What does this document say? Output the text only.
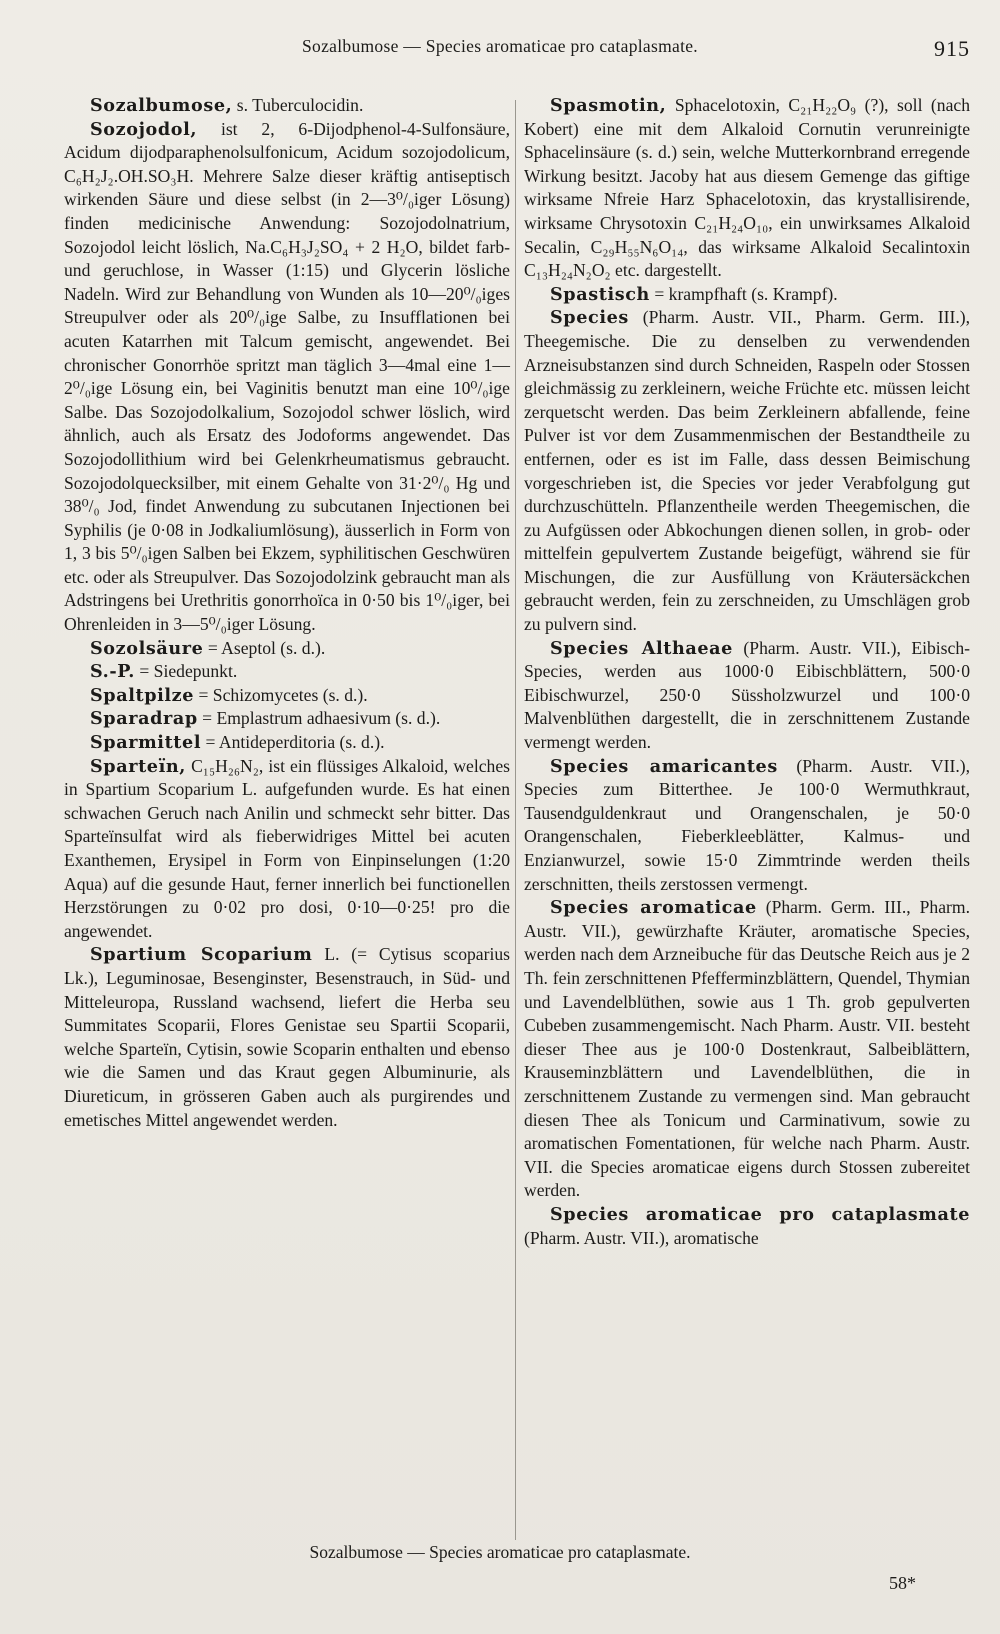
Sozalbumose — Species aromaticae pro cataplasmate.	915

Sozalbumose, s. Tuberculocidin.

Sozojodol, ist 2, 6-Dijodphenol-4-Sulfonsäure, Acidum dijodparaphenolsulfonicum, Acidum sozojodolicum, C₆H₂J₂.OH.SO₃H. Mehrere Salze dieser kräftig antiseptisch wirkenden Säure und diese selbst (in 2—3⁰/₀iger Lösung) finden medicinische Anwendung: Sozojodolnatrium, Sozojodol leicht löslich, Na.C₆H₃J₂SO₄ + 2 H₂O, bildet farb- und geruchlose, in Wasser (1:15) und Glycerin lösliche Nadeln. Wird zur Behandlung von Wunden als 10—20⁰/₀iges Streupulver oder als 20⁰/₀ige Salbe, zu Insufflationen bei acuten Katarrhen mit Talcum gemischt, angewendet. Bei chronischer Gonorrhöe spritzt man täglich 3—4mal eine 1—2⁰/₀ige Lösung ein, bei Vaginitis benutzt man eine 10⁰/₀ige Salbe. Das Sozojodolkalium, Sozojodol schwer löslich, wird ähnlich, auch als Ersatz des Jodoforms angewendet. Das Sozojodollithium wird bei Gelenkrheumatismus gebraucht. Sozojodolquecksilber, mit einem Gehalte von 31·2⁰/₀ Hg und 38⁰/₀ Jod, findet Anwendung zu subcutanen Injectionen bei Syphilis (je 0·08 in Jodkaliumlösung), äusserlich in Form von 1, 3 bis 5⁰/₀igen Salben bei Ekzem, syphilitischen Geschwüren etc. oder als Streupulver. Das Sozojodolzink gebraucht man als Adstringens bei Urethritis gonorrhoïca in 0·50 bis 1⁰/₀iger, bei Ohrenleiden in 3—5⁰/₀iger Lösung.

Sozolsäure = Aseptol (s. d.).

S.-P. = Siedepunkt.

Spaltpilze = Schizomycetes (s. d.).

Sparadrap = Emplastrum adhaesivum (s. d.).

Sparmittel = Antideperditoria (s. d.).

Sparteïn, C₁₅H₂₆N₂, ist ein flüssiges Alkaloid, welches in Spartium Scoparium L. aufgefunden wurde. Es hat einen schwachen Geruch nach Anilin und schmeckt sehr bitter. Das Sparteïnsulfat wird als fieberwidriges Mittel bei acuten Exanthemen, Erysipel in Form von Einpinselungen (1:20 Aqua) auf die gesunde Haut, ferner innerlich bei functionellen Herzstörungen zu 0·02 pro dosi, 0·10—0·25! pro die angewendet.

Spartium Scoparium L. (= Cytisus scoparius Lk.), Leguminosae, Besenginster, Besenstrauch, in Süd- und Mitteleuropa, Russland wachsend, liefert die Herba seu Summitates Scoparii, Flores Genistae seu Spartii Scoparii, welche Sparteïn, Cytisin, sowie Scoparin enthalten und ebenso wie die Samen und das Kraut gegen Albuminurie, als Diureticum, in grösseren Gaben auch als purgirendes und emetisches Mittel angewendet werden.

Spasmotin, Sphacelotoxin, C₂₁H₂₂O₉ (?), soll (nach Kobert) eine mit dem Alkaloid Cornutin verunreinigte Sphacelinsäure (s. d.) sein, welche Mutterkornbrand erregende Wirkung besitzt. Jacoby hat aus diesem Gemenge das giftige wirksame Nfreie Harz Sphacelotoxin, das krystallisirende, wirksame Chrysotoxin C₂₁H₂₄O₁₀, ein unwirksames Alkaloid Secalin, C₂₉H₅₅N₆O₁₄, das wirksame Alkaloid Secalintoxin C₁₃H₂₄N₂O₂ etc. dargestellt.

Spastisch = krampfhaft (s. Krampf).

Species (Pharm. Austr. VII., Pharm. Germ. III.), Theegemische. Die zu denselben zu verwendenden Arzneisubstanzen sind durch Schneiden, Raspeln oder Stossen gleichmässig zu zerkleinern, weiche Früchte etc. müssen leicht zerquetscht werden. Das beim Zerkleinern abfallende, feine Pulver ist vor dem Zusammenmischen der Bestandtheile zu entfernen, oder es ist im Falle, dass dessen Beimischung vorgeschrieben ist, die Species vor jeder Verabfolgung gut durchzuschütteln. Pflanzentheile werden Theegemischen, die zu Aufgüssen oder Abkochungen dienen sollen, in grob- oder mittelfein gepulvertem Zustande beigefügt, während sie für Mischungen, die zur Ausfüllung von Kräutersäckchen gebraucht werden, fein zu zerschneiden, zu Umschlägen grob zu pulvern sind.

Species Althaeae (Pharm. Austr. VII.), Eibisch-Species, werden aus 1000·0 Eibischblättern, 500·0 Eibischwurzel, 250·0 Süssholzwurzel und 100·0 Malvenblüthen dargestellt, die in zerschnittenem Zustande vermengt werden.

Species amaricantes (Pharm. Austr. VII.), Species zum Bitterthee. Je 100·0 Wermuthkraut, Tausendguldenkraut und Orangenschalen, je 50·0 Orangenschalen, Fieberkleeblätter, Kalmus- und Enzianwurzel, sowie 15·0 Zimmtrinde werden theils zerschnitten, theils zerstossen vermengt.

Species aromaticae (Pharm. Germ. III., Pharm. Austr. VII.), gewürzhafte Kräuter, aromatische Species, werden nach dem Arzneibuche für das Deutsche Reich aus je 2 Th. fein zerschnittenen Pfefferminzblättern, Quendel, Thymian und Lavendelblüthen, sowie aus 1 Th. grob gepulverten Cubeben zusammengemischt. Nach Pharm. Austr. VII. besteht dieser Thee aus je 100·0 Dostenkraut, Salbeiblättern, Krauseminzblättern und Lavendelblüthen, die in zerschnittenem Zustande zu vermengen sind. Man gebraucht diesen Thee als Tonicum und Carminativum, sowie zu aromatischen Fomentationen, für welche nach Pharm. Austr. VII. die Species aromaticae eigens durch Stossen zubereitet werden.

Species aromaticae pro cataplasmate (Pharm. Austr. VII.), aromatische

Sozalbumose — Species aromaticae pro cataplasmate.
58*
